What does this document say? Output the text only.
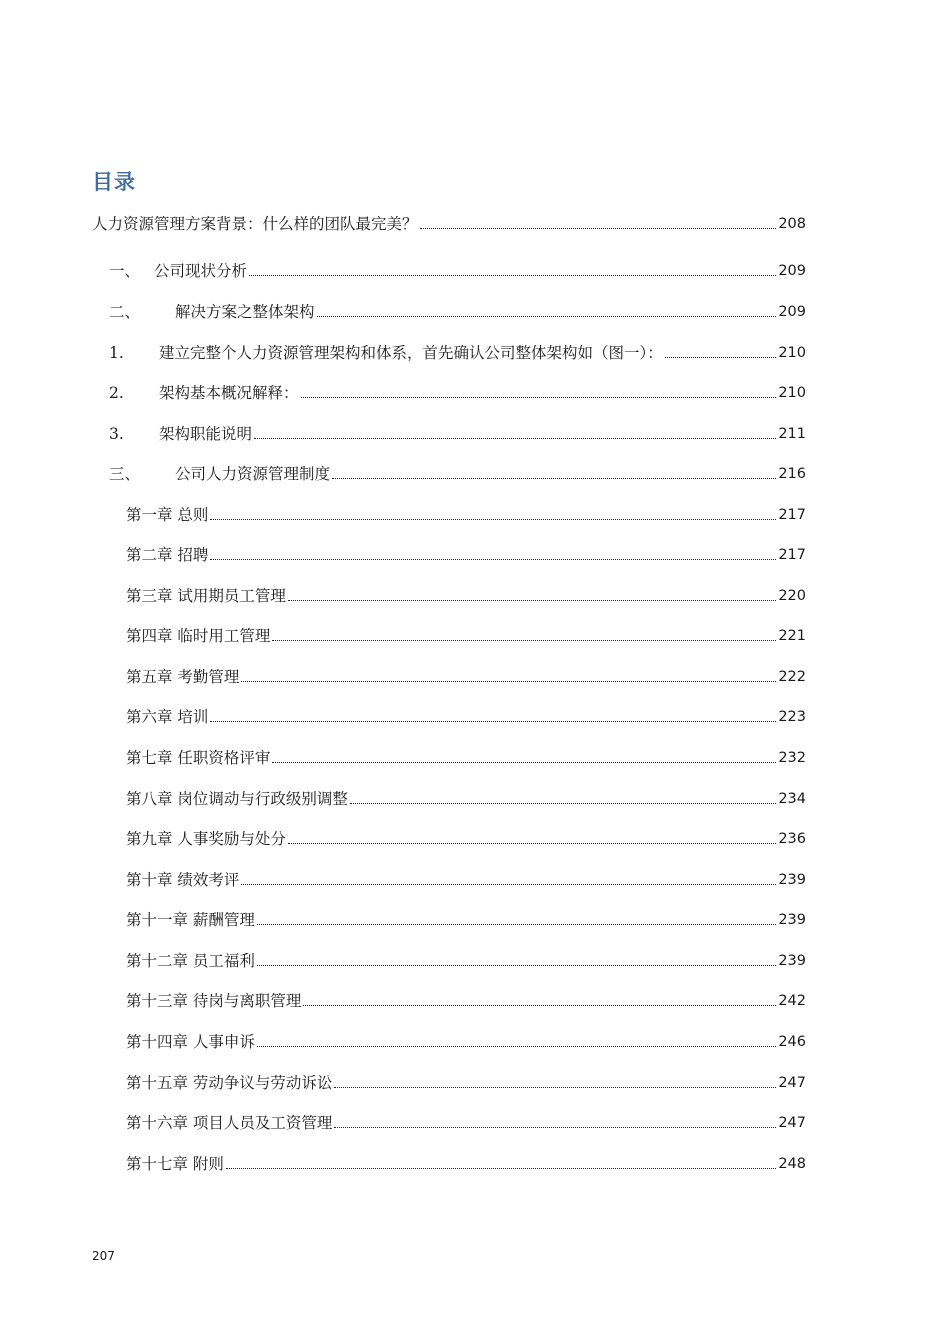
目录
人力资源管理方案背景：什么样的团队最完美？	208
一、 公司现状分析	209
二、	解决方案之整体架构	209
1.	建立完整个人力资源管理架构和体系，首先确认公司整体架构如（图一）：	210
2.	架构基本概况解释：	210
3.	架构职能说明	211
三、	公司人力资源管理制度	216
第一章 总则	217
第二章 招聘	217
第三章 试用期员工管理	220
第四章 临时用工管理	221
第五章 考勤管理	222
第六章 培训	223
第七章 任职资格评审	232
第八章 岗位调动与行政级别调整	234
第九章 人事奖励与处分	236
第十章 绩效考评	239
第十一章 薪酬管理	239
第十二章 员工福利	239
第十三章 待岗与离职管理	242
第十四章 人事申诉	246
第十五章 劳动争议与劳动诉讼	247
第十六章 项目人员及工资管理	247
第十七章 附则	248
207
